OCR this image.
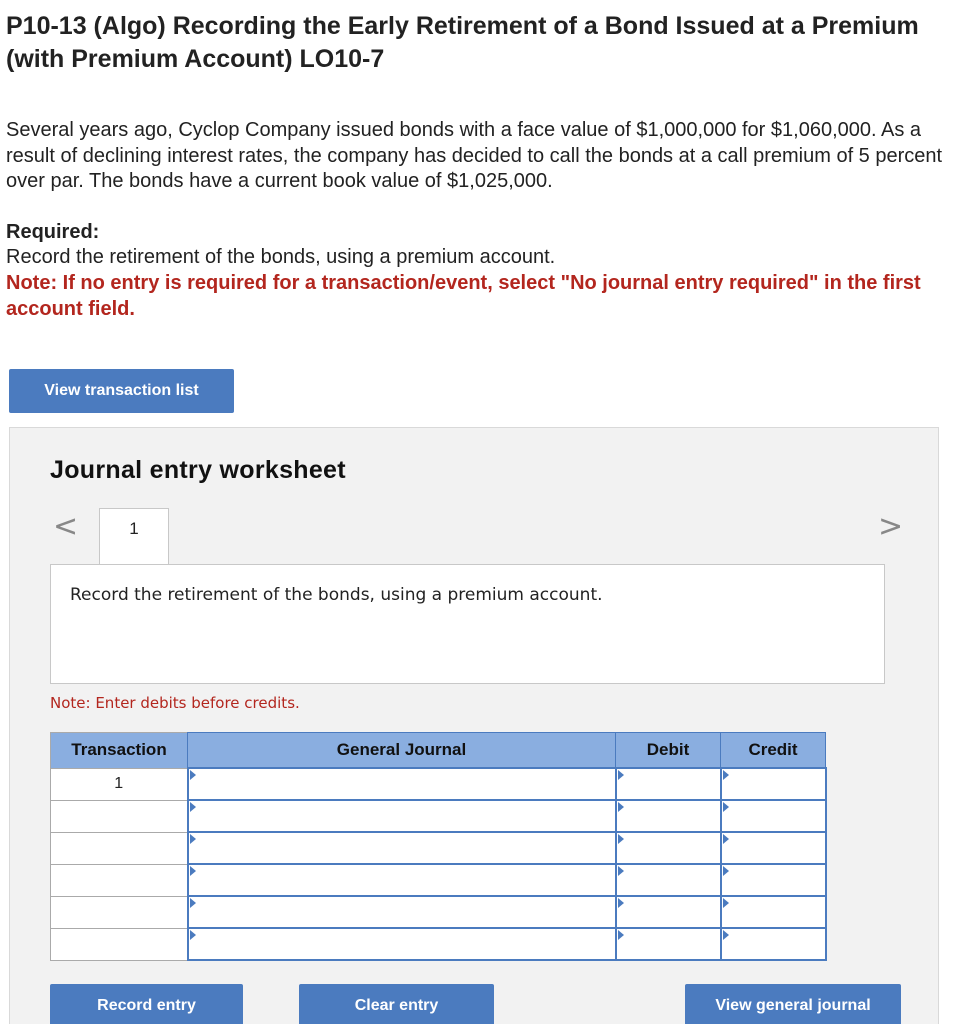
P10-13 (Algo) Recording the Early Retirement of a Bond Issued at a Premium (with Premium Account) LO10-7
Several years ago, Cyclop Company issued bonds with a face value of $1,000,000 for $1,060,000. As a result of declining interest rates, the company has decided to call the bonds at a call premium of 5 percent over par. The bonds have a current book value of $1,025,000.
Required:
Record the retirement of the bonds, using a premium account.
Note: If no entry is required for a transaction/event, select "No journal entry required" in the first account field.
View transaction list
Journal entry worksheet
<	1	>
Record the retirement of the bonds, using a premium account.
Note: Enter debits before credits.
Transaction	General Journal	Debit	Credit
1	

Record entry	Clear entry	View general journal
